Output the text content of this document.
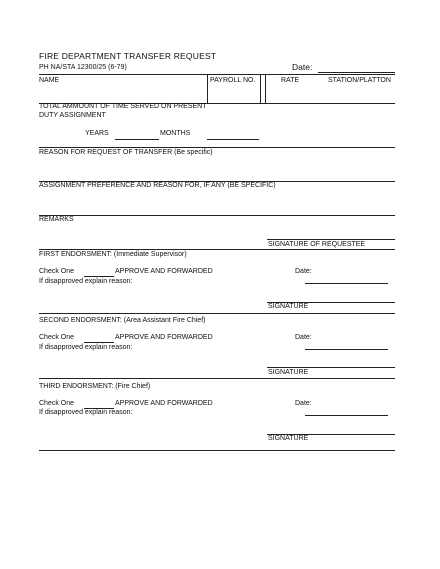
FIRE DEPARTMENT TRANSFER REQUEST
PH NA/STA 12300/25 (6-79)	Date:
NAME	PAYROLL NO.	RATE	STATION/PLATTON
TOTAL AMMOUNT OF TIME SERVED ON PRESENT
DUTY ASSIGNMENT
YEARS	MONTHS
REASON FOR REQUEST OF TRANSFER (Be specific)
ASSIGNMENT PREFERENCE AND REASON FOR, IF ANY (BE SPECIFIC)
REMARKS
SIGNATURE OF REQUESTEE
FIRST ENDORSMENT: (Immediate Supervisor)
Check One	APPROVE AND FORWARDED
If disapproved explain reason:
Date:
SIGNATURE
SECOND ENDORSMENT: (Area Assistant Fire Chief)
Check One	APPROVE AND FORWARDED
If disapproved explain reason:
Date:
SIGNATURE
THIRD ENDORSMENT: (Fire Chief)
Check One	APPROVE AND FORWARDED
If disapproved explain reason:
Date:
SIGNATURE
